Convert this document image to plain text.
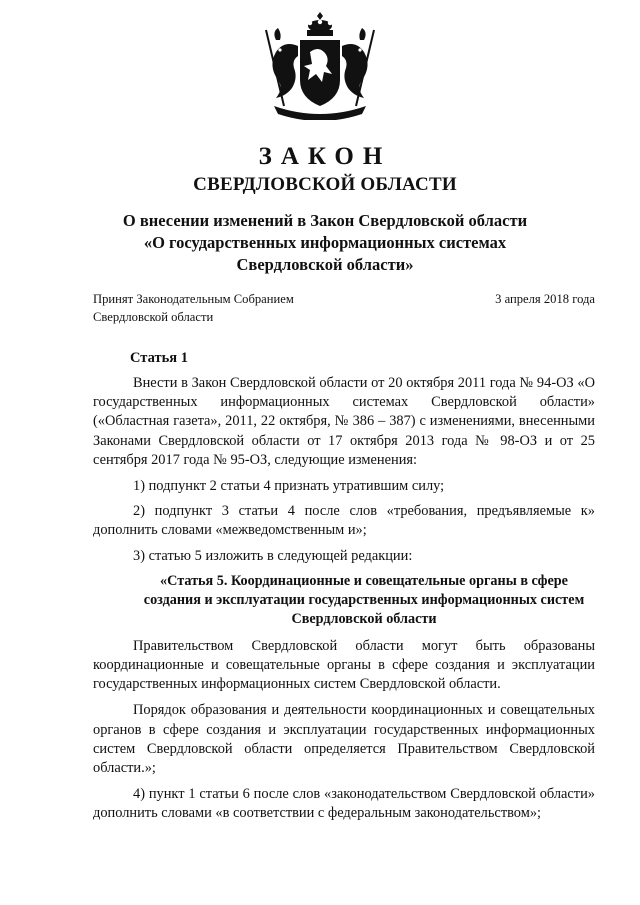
ЗАКОН
СВЕРДЛОВСКОЙ ОБЛАСТИ
О внесении изменений в Закон Свердловской области
«О государственных информационных системах
Свердловской области»
Принят Законодательным Собранием
Свердловской области
3 апреля 2018 года
Статья 1

Внести в Закон Свердловской области от 20 октября 2011 года № 94-ОЗ «О государственных информационных системах Свердловской области» («Областная газета», 2011, 22 октября, № 386 – 387) с изменениями, внесенными Законами Свердловской области от 17 октября 2013 года № 98-ОЗ и от 25 сентября 2017 года № 95-ОЗ, следующие изменения:

1) подпункт 2 статьи 4 признать утратившим силу;

2) подпункт 3 статьи 4 после слов «требования, предъявляемые к» дополнить словами «межведомственным и»;

3) статью 5 изложить в следующей редакции:

«Статья 5. Координационные и совещательные органы в сфере создания и эксплуатации государственных информационных систем Свердловской области

Правительством Свердловской области могут быть образованы координационные и совещательные органы в сфере создания и эксплуатации государственных информационных систем Свердловской области.

Порядок образования и деятельности координационных и совещательных органов в сфере создания и эксплуатации государственных информационных систем Свердловской области определяется Правительством Свердловской области.»;

4) пункт 1 статьи 6 после слов «законодательством Свердловской области» дополнить словами «в соответствии с федеральным законодательством»;
